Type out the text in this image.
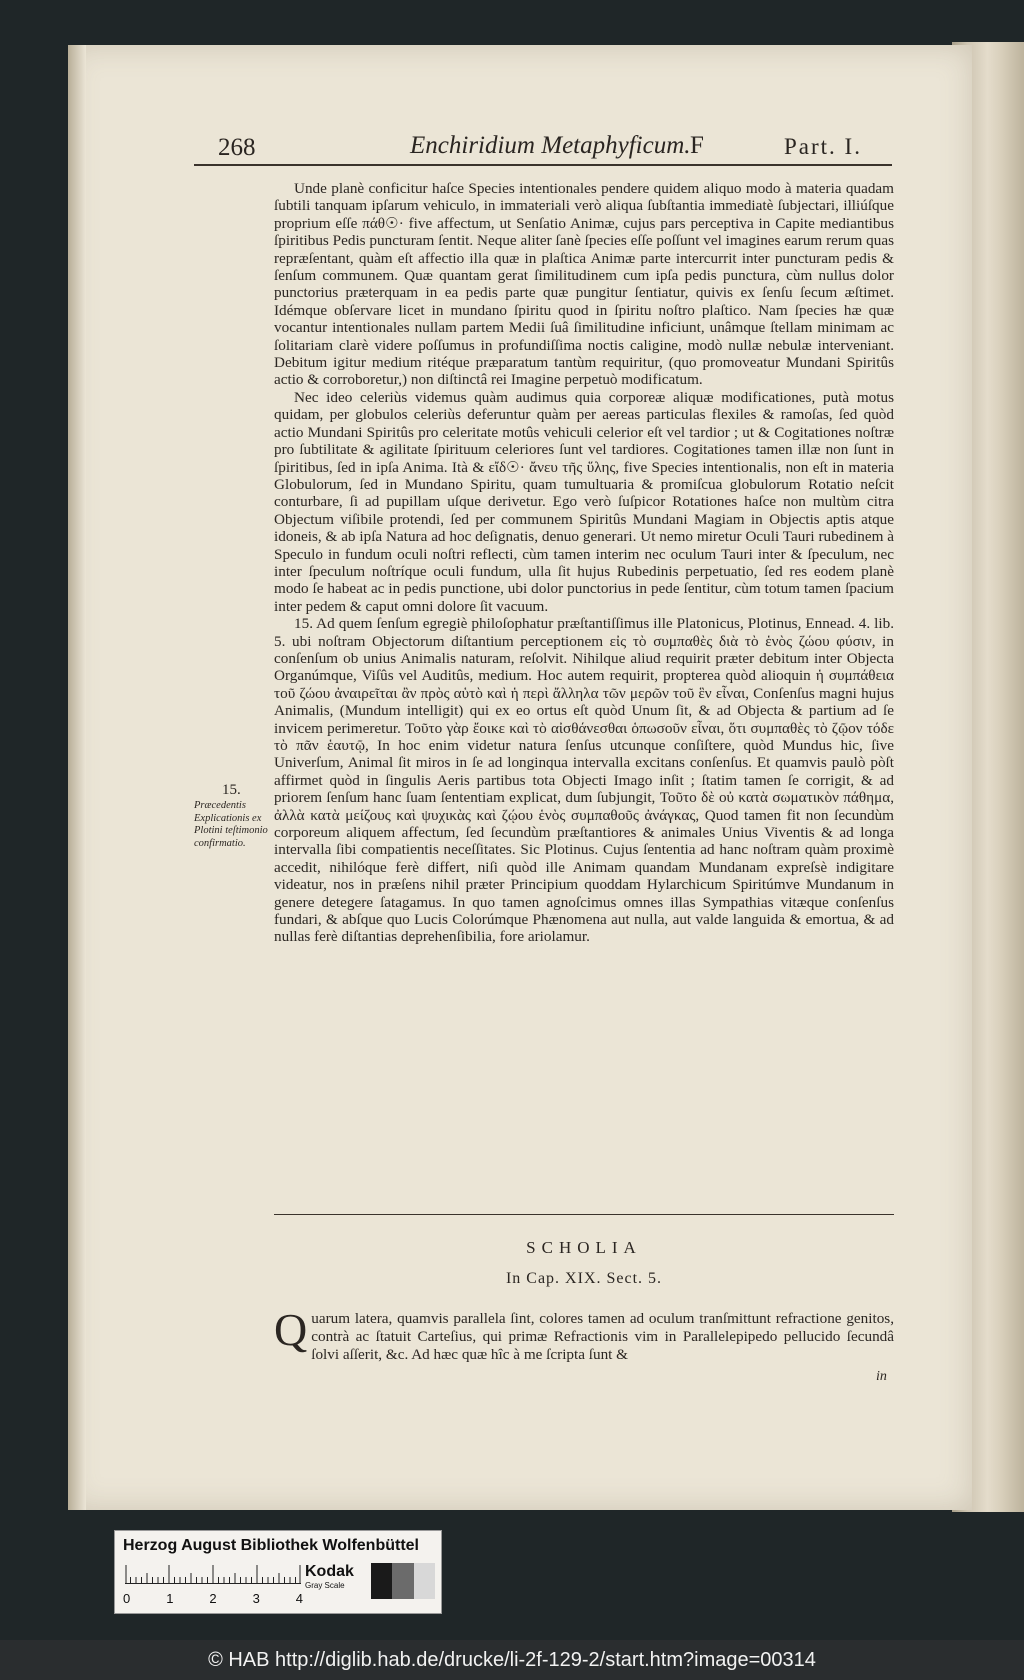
268	Enchiridium Metaphyficum. F	Part. I.

Unde planè conficitur haſce Species intentionales pendere quidem aliquo modo à materia quadam ſubtili tanquam ipſarum vehiculo, in immateriali verò aliqua ſubſtantia immediatè ſubjectari, illiúſque proprium eſſe πάθ☉· five affectum, ut Senſatio Animæ, cujus pars perceptiva in Capite mediantibus ſpiritibus Pedis puncturam ſentit. Neque aliter ſanè ſpecies eſſe poſſunt vel imagines earum rerum quas repræſentant, quàm eſt affectio illa quæ in plaſtica Animæ parte intercurrit inter puncturam pedis & ſenſum communem. Quæ quantam gerat ſimilitudinem cum ipſa pedis punctura, cùm nullus dolor punctorius præterquam in ea pedis parte quæ pungitur ſentiatur, quivis ex ſenſu ſecum æſtimet. Idémque obſervare licet in mundano ſpiritu quod in ſpiritu noſtro plaſtico. Nam ſpecies hæ quæ vocantur intentionales nullam partem Medii ſuâ ſimilitudine inficiunt, unâmque ſtellam minimam ac ſolitariam clarè videre poſſumus in profundiſſima noctis caligine, modò nullæ nebulæ interveniant. Debitum igitur medium ritéque præparatum tantùm requiritur, (quo promoveatur Mundani Spiritûs actio & corroboretur,) non diſtinctâ rei Imagine perpetuò modificatum.

Nec ideo celeriùs videmus quàm audimus quia corporeæ aliquæ modificationes, putà motus quidam, per globulos celeriùs deferuntur quàm per aereas particulas flexiles & ramoſas, ſed quòd actio Mundani Spiritûs pro celeritate motûs vehiculi celerior eſt vel tardior ; ut & Cogitationes noſtræ pro ſubtilitate & agilitate ſpirituum celeriores ſunt vel tardiores. Cogitationes tamen illæ non ſunt in ſpiritibus, ſed in ipſa Anima. Ità & εἴδ☉· ἄνευ τῆς ὕλης, five Species intentionalis, non eſt in materia Globulorum, ſed in Mundano Spiritu, quam tumultuaria & promiſcua globulorum Rotatio neſcit conturbare, ſi ad pupillam uſque derivetur. Ego verò ſuſpicor Rotationes haſce non multùm citra Objectum viſibile protendi, ſed per communem Spiritûs Mundani Magiam in Objectis aptis atque idoneis, & ab ipſa Natura ad hoc deſignatis, denuo generari. Ut nemo miretur Oculi Tauri rubedinem à Speculo in fundum oculi noſtri reflecti, cùm tamen interim nec oculum Tauri inter & ſpeculum, nec inter ſpeculum noſtríque oculi fundum, ulla ſit hujus Rubedinis perpetuatio, ſed res eodem planè modo ſe habeat ac in pedis punctione, ubi dolor punctorius in pede ſentitur, cùm totum tamen ſpacium inter pedem & caput omni dolore ſit vacuum.

15. Ad quem ſenſum egregiè philoſophatur præſtantiſſimus ille Platonicus, Plotinus, Ennead. 4. lib. 5. ubi noſtram Objectorum diſtantium perceptionem εἰς τὸ συμπαθὲς διὰ τὸ ἑνὸς ζώου φύσιν, in conſenſum ob unius Animalis naturam, reſolvit. Nihilque aliud requirit præter debitum inter Objecta Organúmque, Viſûs vel Auditûs, medium. Hoc autem requirit, propterea quòd alioquin ἡ συμπάθεια τοῦ ζώου ἀναιρεῖται ἂν πρὸς αὑτὸ καὶ ἡ περὶ ἄλληλα τῶν μερῶν τοῦ ἓν εἶναι, Conſenſus magni hujus Animalis, (Mundum intelligit) qui ex eo ortus eſt quòd Unum ſit, & ad Objecta & partium ad ſe invicem perimeretur. Τοῦτο γὰρ ἔοικε καὶ τὸ αἰσθάνεσθαι ὁπωσοῦν εἶναι, ὅτι συμπαθὲς τὸ ζῷον τόδε τὸ πᾶν ἑαυτῷ, In hoc enim videtur natura ſenſus utcunque conſiſtere, quòd Mundus hic, ſive Univerſum, Animal ſit miros in ſe ad longinqua intervalla excitans conſenſus. Et quamvis paulò pòſt affirmet quòd in ſingulis Aeris partibus tota Objecti Imago inſit ; ſtatim tamen ſe corrigit, & ad priorem ſenſum hanc ſuam ſententiam explicat, dum ſubjungit, Τοῦτο δὲ οὐ κατὰ σωματικὸν πάθημα, ἀλλὰ κατὰ μείζους καὶ ψυχικὰς καὶ ζῴου ἑνὸς συμπαθοῦς ἀνάγκας, Quod tamen fit non ſecundùm corporeum aliquem affectum, ſed ſecundùm præſtantiores & animales Unius Viventis & ad longa intervalla ſibi compatientis neceſſitates. Sic Plotinus. Cujus ſententia ad hanc noſtram quàm proximè accedit, nihilóque ferè differt, niſi quòd ille Animam quandam Mundanam expreſsè indigitare videatur, nos in præſens nihil præter Principium quoddam Hylarchicum Spiritúmve Mundanum in genere detegere ſatagamus. In quo tamen agnoſcimus omnes illas Sympathias vitæque conſenſus fundari, & abſque quo Lucis Colorúmque Phænomena aut nulla, aut valde languida & emortua, & ad nullas ferè diſtantias deprehenſibilia, fore ariolamur.

15.
Præcedentis Explicationis ex Plotini teſtimonio confirmatio.
SCHOLIA
In Cap. XIX. Sect. 5.
Quarum latera, quamvis parallela ſint, colores tamen ad oculum tranſmittunt refractione genitos, contrà ac ſtatuit Carteſius, qui primæ Refractionis vim in Parallelepipedo pellucido ſecundâ ſolvi aſſerit, &c. Ad hæc quæ hîc à me ſcripta ſunt &
in
Herzog August Bibliothek Wolfenbüttel
0	1	2	3	4
Kodak
Gray Scale
© HAB http://diglib.hab.de/drucke/li-2f-129-2/start.htm?image=00314
